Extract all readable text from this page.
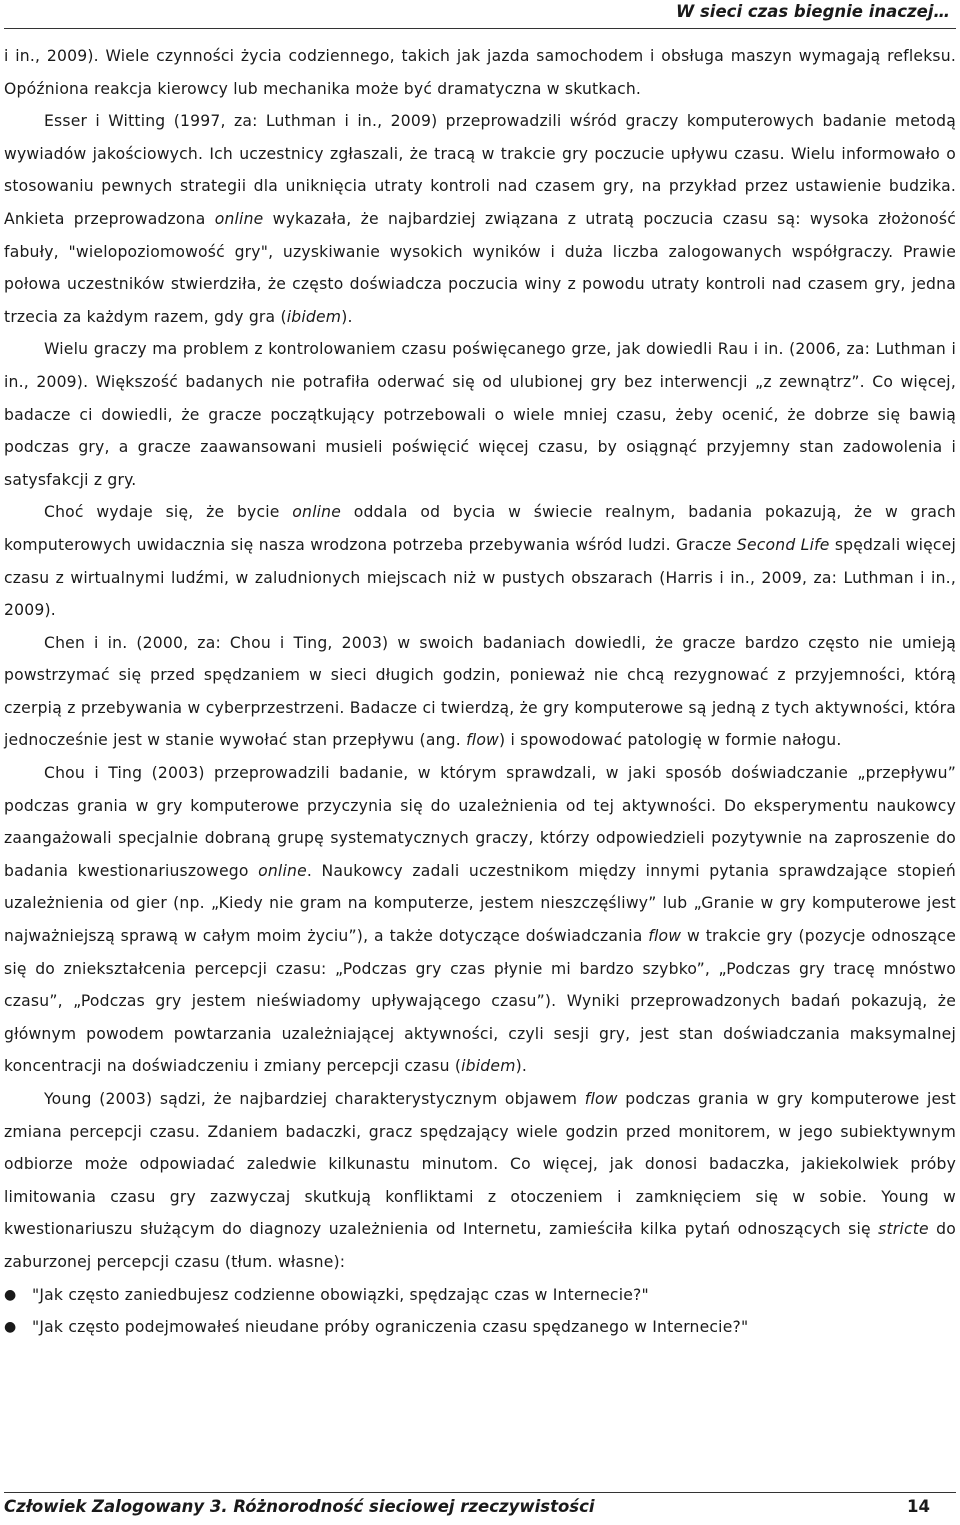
W sieci czas biegnie inaczej…

i in., 2009). Wiele czynności życia codziennego, takich jak jazda samochodem i obsługa maszyn wymagają refleksu. Opóźniona reakcja kierowcy lub mechanika może być dramatyczna w skutkach.

Esser i Witting (1997, za: Luthman i in., 2009) przeprowadzili wśród graczy komputerowych badanie metodą wywiadów jakościowych. Ich uczestnicy zgłaszali, że tracą w trakcie gry poczucie upływu czasu. Wielu informowało o stosowaniu pewnych strategii dla uniknięcia utraty kontroli nad czasem gry, na przykład przez ustawienie budzika. Ankieta przeprowadzona online wykazała, że najbardziej związana z utratą poczucia czasu są: wysoka złożoność fabuły, "wielopoziomowość gry", uzyskiwanie wysokich wyników i duża liczba zalogowanych współgraczy. Prawie połowa uczestników stwierdziła, że często doświadcza poczucia winy z powodu utraty kontroli nad czasem gry, jedna trzecia za każdym razem, gdy gra (ibidem).

Wielu graczy ma problem z kontrolowaniem czasu poświęcanego grze, jak dowiedli Rau i in. (2006, za: Luthman i in., 2009). Większość badanych nie potrafiła oderwać się od ulubionej gry bez interwencji „z zewnątrz”. Co więcej, badacze ci dowiedli, że gracze początkujący potrzebowali o wiele mniej czasu, żeby ocenić, że dobrze się bawią podczas gry, a gracze zaawansowani musieli poświęcić więcej czasu, by osiągnąć przyjemny stan zadowolenia i satysfakcji z gry.

Choć wydaje się, że bycie online oddala od bycia w świecie realnym, badania pokazują, że w grach komputerowych uwidacznia się nasza wrodzona potrzeba przebywania wśród ludzi. Gracze Second Life spędzali więcej czasu z wirtualnymi ludźmi, w zaludnionych miejscach niż w pustych obszarach (Harris i in., 2009, za: Luthman i in., 2009).

Chen i in. (2000, za: Chou i Ting, 2003) w swoich badaniach dowiedli, że gracze bardzo często nie umieją powstrzymać się przed spędzaniem w sieci długich godzin, ponieważ nie chcą rezygnować z przyjemności, którą czerpią z przebywania w cyberprzestrzeni. Badacze ci twierdzą, że gry komputerowe są jedną z tych aktywności, która jednocześnie jest w stanie wywołać stan przepływu (ang. flow) i spowodować patologię w formie nałogu.

Chou i Ting (2003) przeprowadzili badanie, w którym sprawdzali, w jaki sposób doświadczanie „przepływu” podczas grania w gry komputerowe przyczynia się do uzależnienia od tej aktywności. Do eksperymentu naukowcy zaangażowali specjalnie dobraną grupę systematycznych graczy, którzy odpowiedzieli pozytywnie na zaproszenie do badania kwestionariuszowego online. Naukowcy zadali uczestnikom między innymi pytania sprawdzające stopień uzależnienia od gier (np. „Kiedy nie gram na komputerze, jestem nieszczęśliwy” lub „Granie w gry komputerowe jest najważniejszą sprawą w całym moim życiu”), a także dotyczące doświadczania flow w trakcie gry (pozycje odnoszące się do zniekształcenia percepcji czasu: „Podczas gry czas płynie mi bardzo szybko”, „Podczas gry tracę mnóstwo czasu”, „Podczas gry jestem nieświadomy upływającego czasu”). Wyniki przeprowadzonych badań pokazują, że głównym powodem powtarzania uzależniającej aktywności, czyli sesji gry, jest stan doświadczania maksymalnej koncentracji na doświadczeniu i zmiany percepcji czasu (ibidem).

Young (2003) sądzi, że najbardziej charakterystycznym objawem flow podczas grania w gry komputerowe jest zmiana percepcji czasu. Zdaniem badaczki, gracz spędzający wiele godzin przed monitorem, w jego subiektywnym odbiorze może odpowiadać zaledwie kilkunastu minutom. Co więcej, jak donosi badaczka, jakiekolwiek próby limitowania czasu gry zazwyczaj skutkują konfliktami z otoczeniem i zamknięciem się w sobie. Young w kwestionariuszu służącym do diagnozy uzależnienia od Internetu, zamieściła kilka pytań odnoszących się stricte do zaburzonej percepcji czasu (tłum. własne):

● "Jak często zaniedbujesz codzienne obowiązki, spędzając czas w Internecie?"
● "Jak często podejmowałeś nieudane próby ograniczenia czasu spędzanego w Internecie?"
Człowiek Zalogowany 3. Różnorodność sieciowej rzeczywistości	14
